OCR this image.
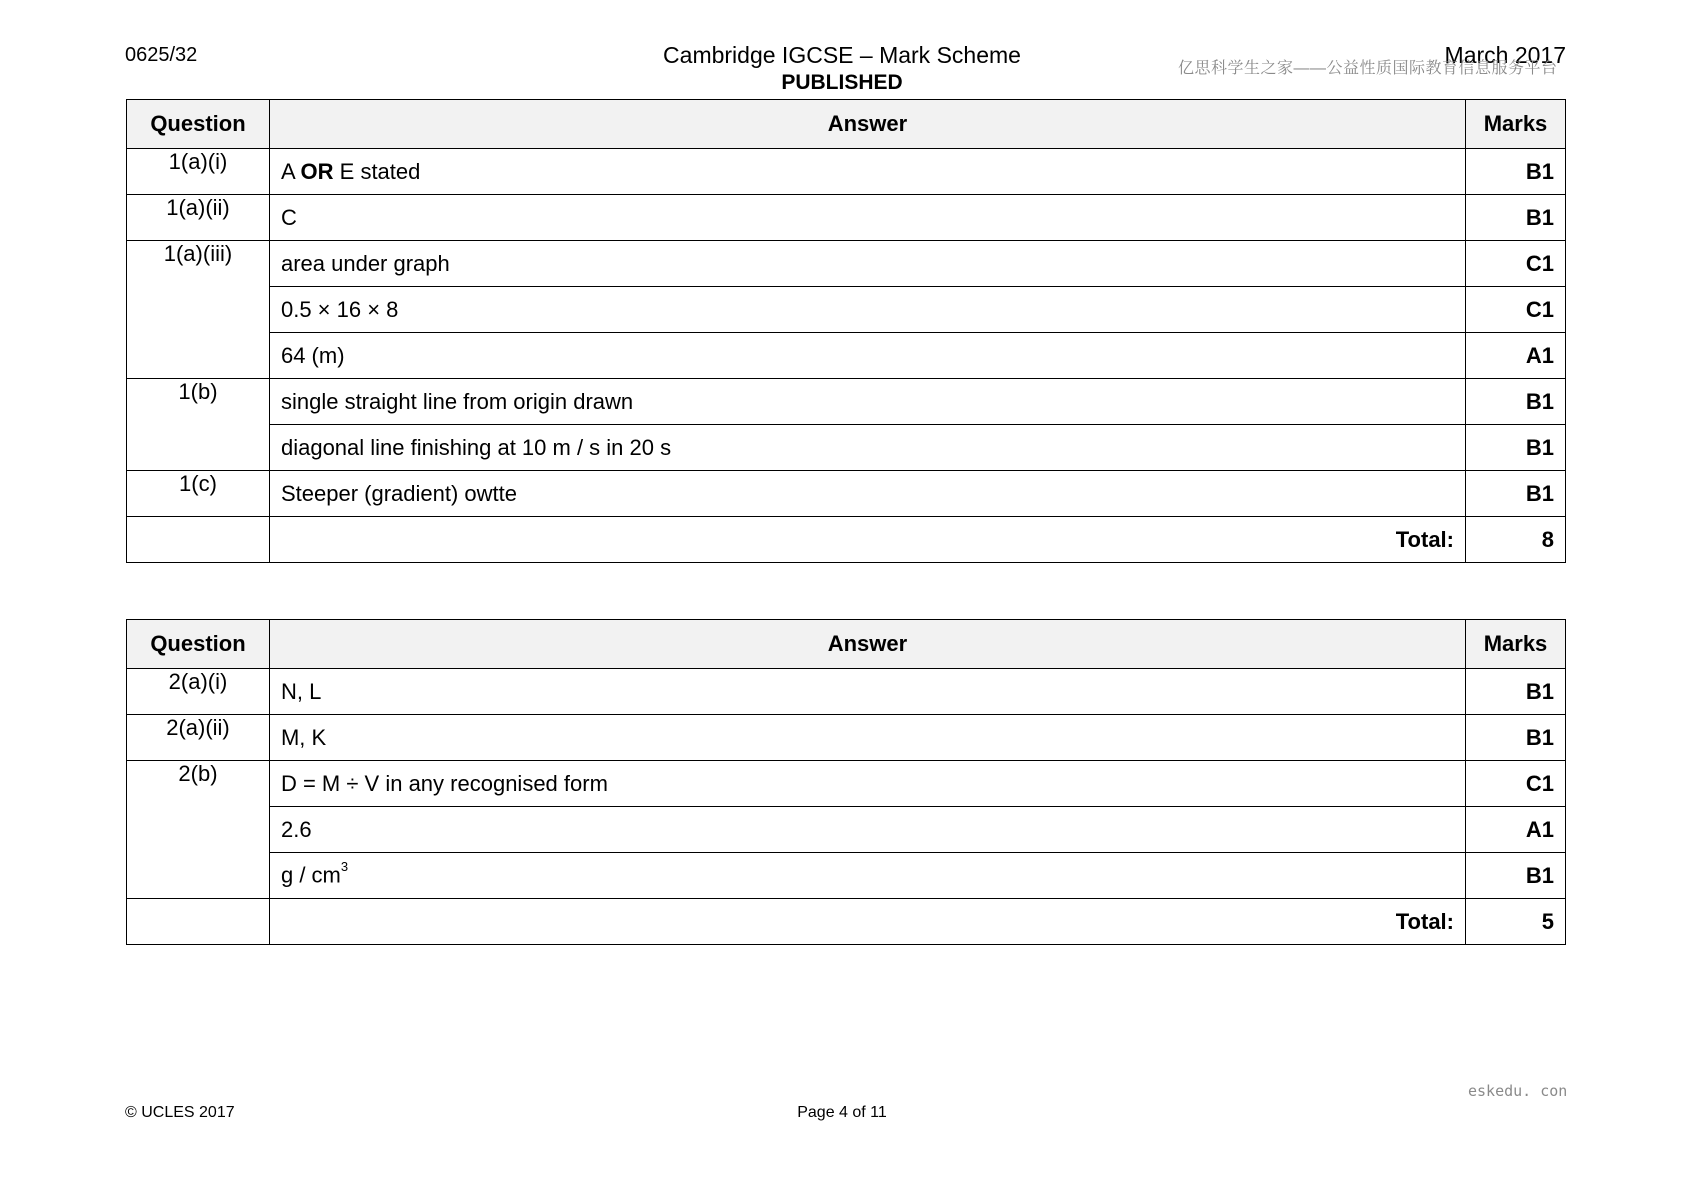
0625/32	Cambridge IGCSE – Mark Scheme
PUBLISHED
March 2017
亿思科学生之家——公益性质国际教育信息服务平台
Question	Answer	Marks
1(a)(i)	A OR E stated	B1
1(a)(ii)	C	B1
1(a)(iii)	area under graph	C1
	0.5 × 16 × 8	C1
	64 (m)	A1
1(b)	single straight line from origin drawn	B1
	diagonal line finishing at 10 m / s in 20 s	B1
1(c)	Steeper (gradient) owtte	B1
	Total:	8
Question	Answer	Marks
2(a)(i)	N, L	B1
2(a)(ii)	M, K	B1
2(b)	D = M ÷ V in any recognised form	C1
	2.6	A1
	g / $cm^3$	B1
	Total:	5
eskedu. con
© UCLES 2017	Page 4 of 11
